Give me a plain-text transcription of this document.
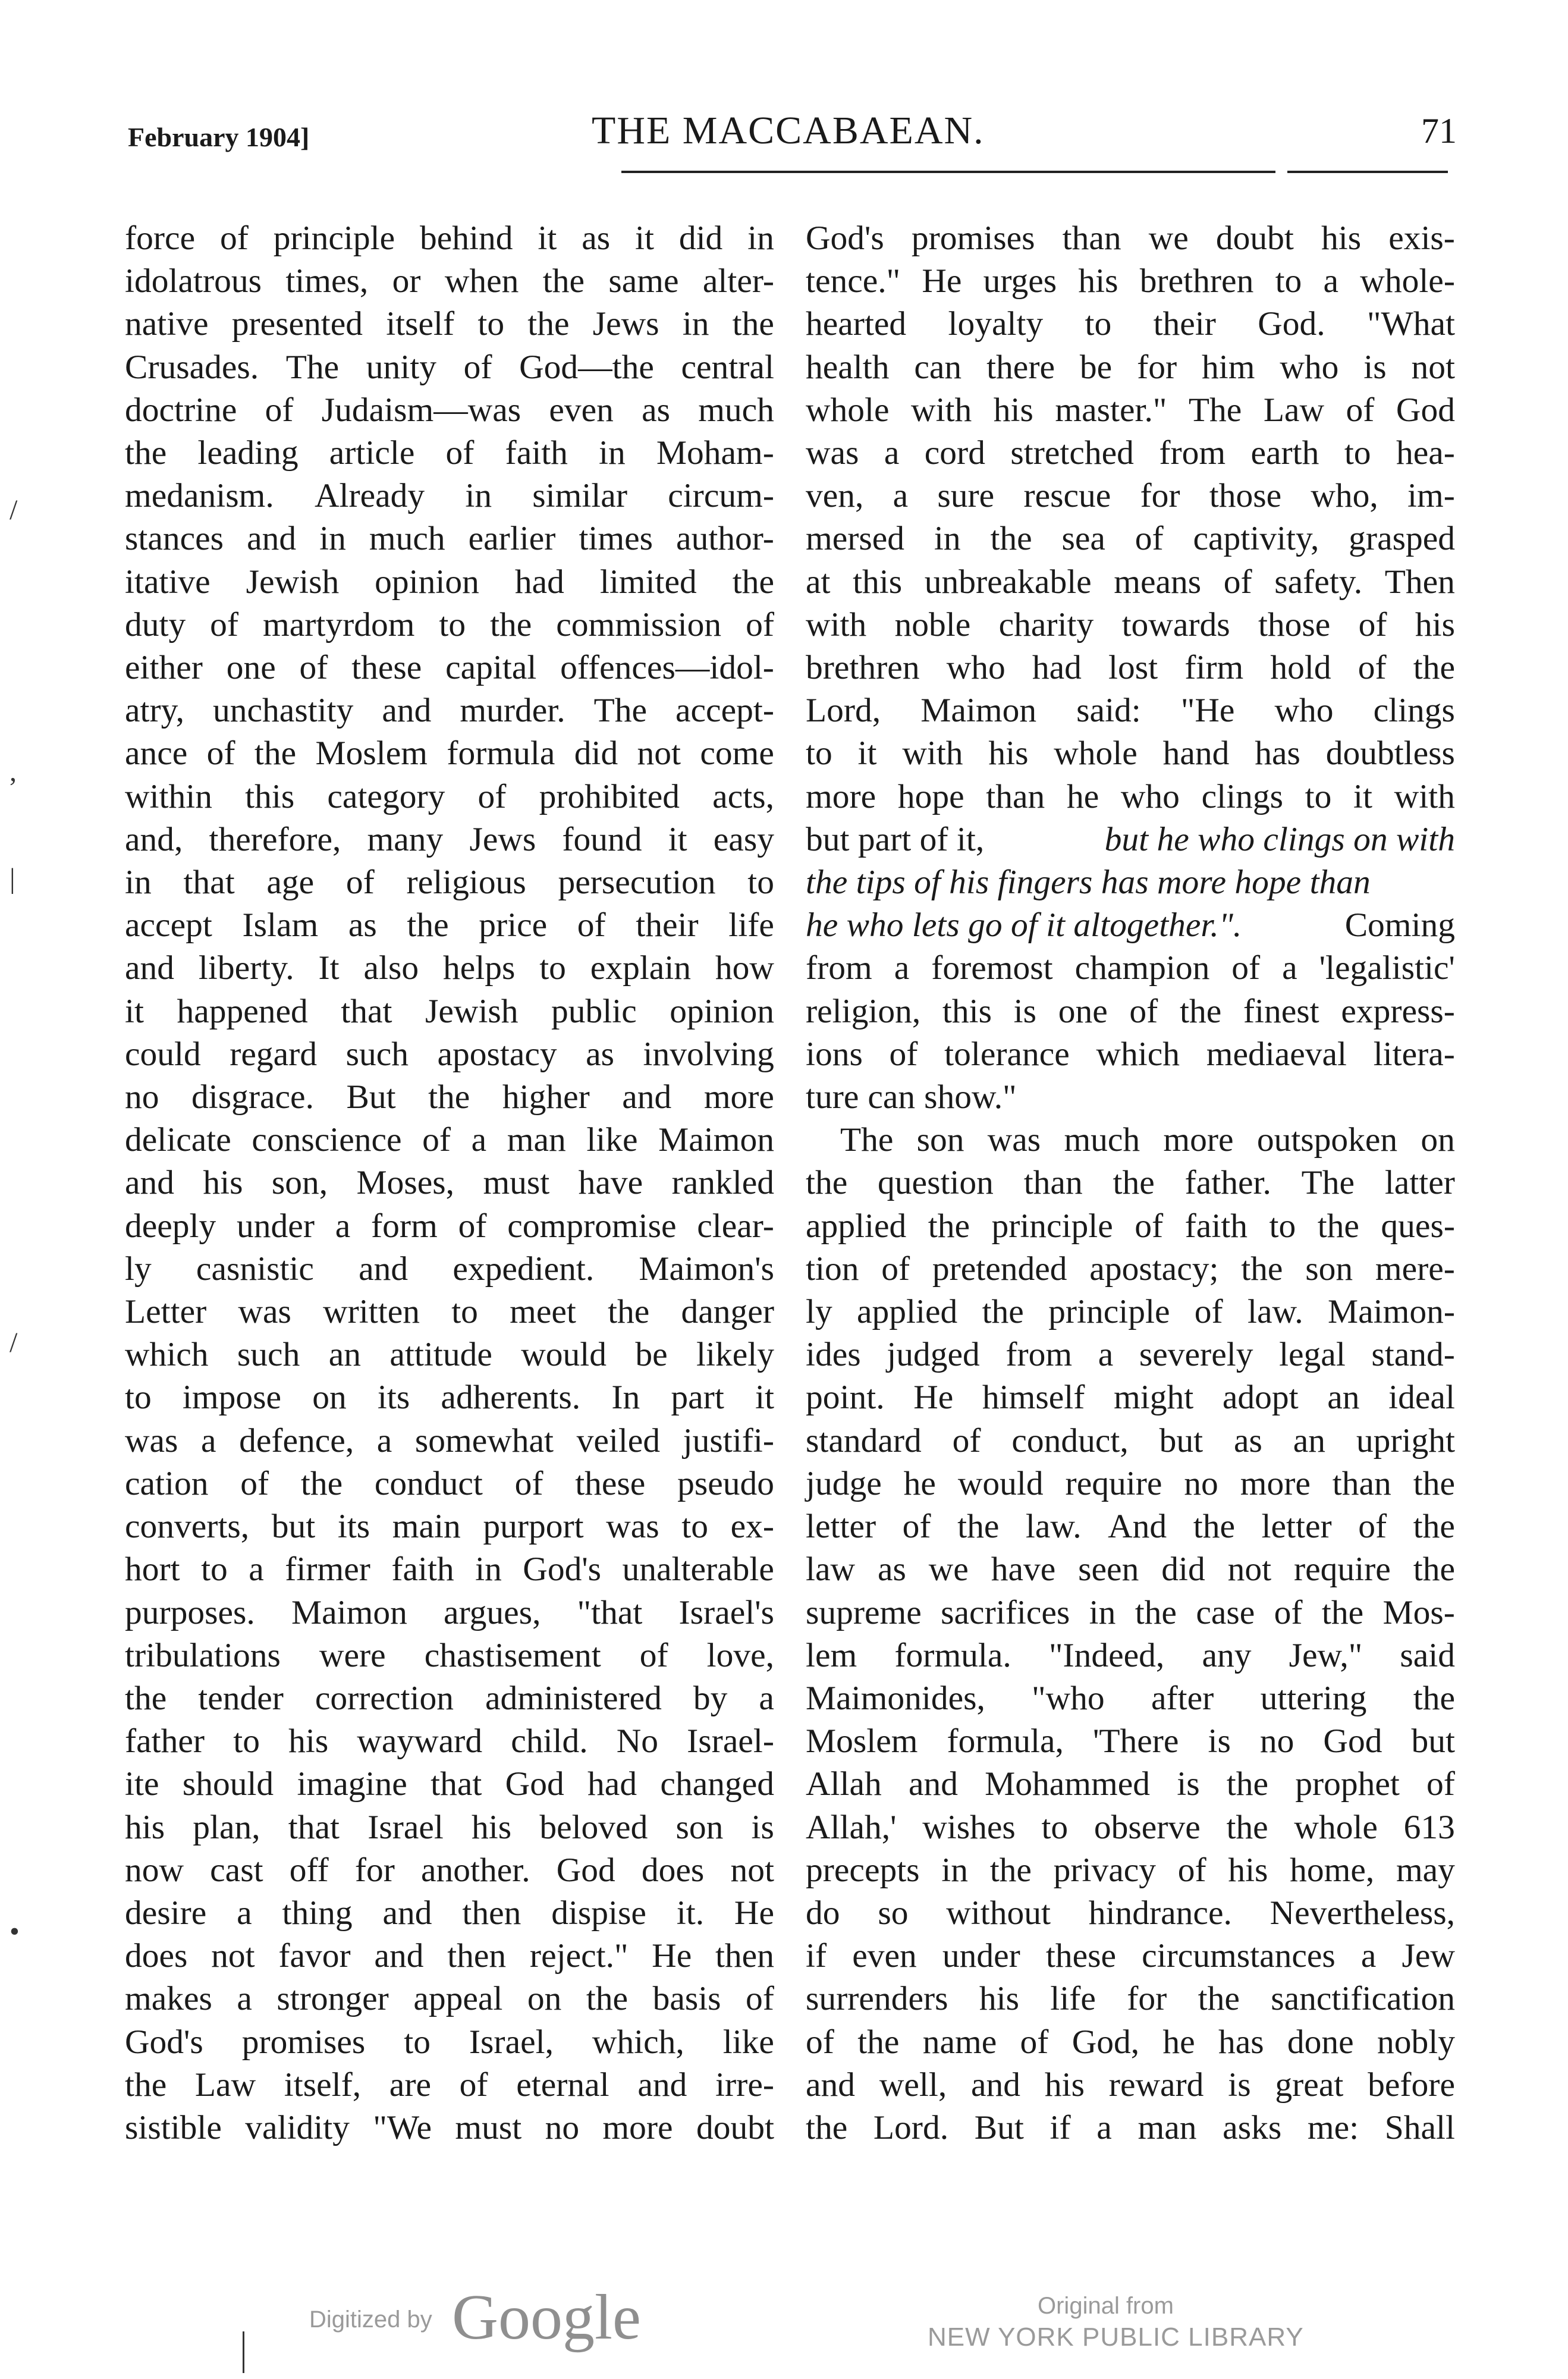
February 1904]	THE MACCABAEAN.	71
force of principle behind it as it did in
idolatrous times, or when the same alter-
native presented itself to the Jews in the
Crusades. The unity of God—the central
doctrine of Judaism—was even as much
the leading article of faith in Moham-
medanism. Already in similar circum-
stances and in much earlier times author-
itative Jewish opinion had limited the
duty of martyrdom to the commission of
either one of these capital offences—idol-
atry, unchastity and murder. The accept-
ance of the Moslem formula did not come
within this category of prohibited acts,
and, therefore, many Jews found it easy
in that age of religious persecution to
accept Islam as the price of their life
and liberty. It also helps to explain how
it happened that Jewish public opinion
could regard such apostacy as involving
no disgrace. But the higher and more
delicate conscience of a man like Maimon
and his son, Moses, must have rankled
deeply under a form of compromise clear-
ly casnistic and expedient. Maimon's
Letter was written to meet the danger
which such an attitude would be likely
to impose on its adherents. In part it
was a defence, a somewhat veiled justifi-
cation of the conduct of these pseudo
converts, but its main purport was to ex-
hort to a firmer faith in God's unalterable
purposes. Maimon argues, "that Israel's
tribulations were chastisement of love,
the tender correction administered by a
father to his wayward child. No Israel-
ite should imagine that God had changed
his plan, that Israel his beloved son is
now cast off for another. God does not
desire a thing and then dispise it. He
does not favor and then reject." He then
makes a stronger appeal on the basis of
God's promises to Israel, which, like
the Law itself, are of eternal and irre-
sistible validity "We must no more doubt
God's promises than we doubt his exis-
tence." He urges his brethren to a whole-
hearted loyalty to their God. "What
health can there be for him who is not
whole with his master." The Law of God
was a cord stretched from earth to hea-
ven, a sure rescue for those who, im-
mersed in the sea of captivity, grasped
at this unbreakable means of safety. Then
with noble charity towards those of his
brethren who had lost firm hold of the
Lord, Maimon said: "He who clings
to it with his whole hand has doubtless
more hope than he who clings to it with
but part of it,	but he who clings on with
the tips of his fingers has more hope than
he who lets go of it altogether.".	Coming
from a foremost champion of a 'legalistic'
religion, this is one of the finest express-
ions of tolerance which mediaeval litera-
ture can show."
The son was much more outspoken on
the question than the father. The latter
applied the principle of faith to the ques-
tion of pretended apostacy; the son mere-
ly applied the principle of law. Maimon-
ides judged from a severely legal stand-
point. He himself might adopt an ideal
standard of conduct, but as an upright
judge he would require no more than the
letter of the law. And the letter of the
law as we have seen did not require the
supreme sacrifices in the case of the Mos-
lem formula. "Indeed, any Jew," said
Maimonides, "who after uttering the
Moslem formula, 'There is no God but
Allah and Mohammed is the prophet of
Allah,' wishes to observe the whole 613
precepts in the privacy of his home, may
do so without hindrance. Nevertheless,
if even under these circumstances a Jew
surrenders his life for the sanctification
of the name of God, he has done nobly
and well, and his reward is great before
the Lord. But if a man asks me: Shall
/
,
|
/
•
Digitized by Google	Original from
NEW YORK PUBLIC LIBRARY
